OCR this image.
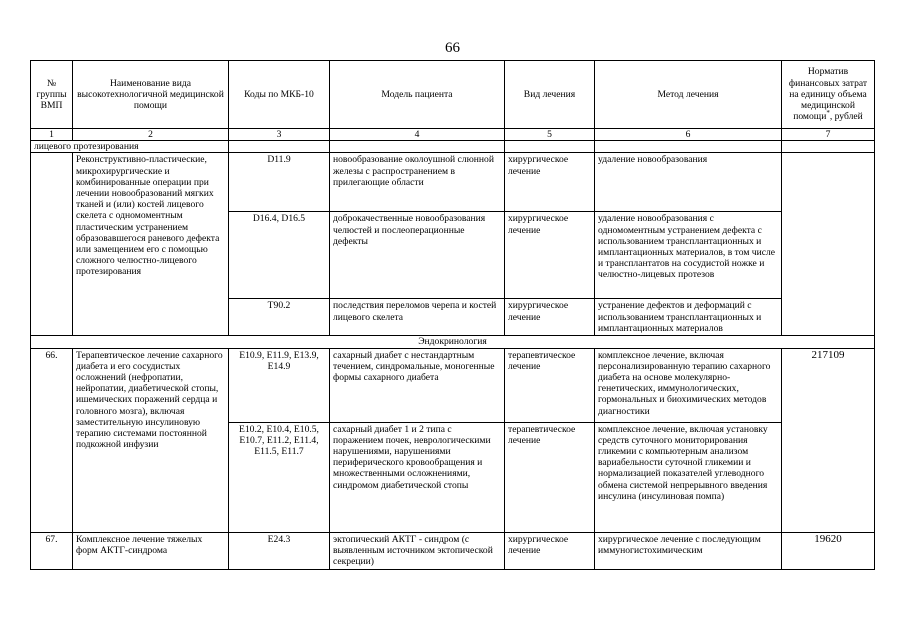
66
№ группы ВМП	Наименование вида высокотехнологичной медицинской помощи	Коды по МКБ-10	Модель пациента	Вид лечения	Метод лечения	Норматив финансовых затрат на единицу объема медицинской помощи*, рублей
1	2	3	4	5	6	7
лицевого протезирования						
	Реконструктивно-пластические, микрохирургические и комбинированные операции при лечении новообразований мягких тканей и (или) костей лицевого скелета с одномоментным пластическим устранением образовавшегося раневого дефекта или замещением его с помощью сложного челюстно-лицевого протезирования	D11.9	новообразование околоушной слюнной железы с распространением в прилегающие области	хирургическое лечение	удаление новообразования	
		D16.4, D16.5	доброкачественные новообразования челюстей и послеоперационные дефекты	хирургическое лечение	удаление новообразования с одномоментным устранением дефекта с использованием трансплантационных и имплантационных материалов, в том числе и трансплантатов на сосудистой ножке и челюстно-лицевых протезов	
		T90.2	последствия переломов черепа и костей лицевого скелета	хирургическое лечение	устранение дефектов и деформаций с использованием трансплантационных и имплантационных материалов	
Эндокринология						
66.	Терапевтическое лечение сахарного диабета и его сосудистых осложнений (нефропатии, нейропатии, диабетической стопы, ишемических поражений сердца и головного мозга), включая заместительную инсулиновую терапию системами постоянной подкожной инфузии	E10.9, E11.9, E13.9, E14.9	сахарный диабет с нестандартным течением, синдромальные, моногенные формы сахарного диабета	терапевтическое лечение	комплексное лечение, включая персонализированную терапию сахарного диабета на основе молекулярно-генетических, иммунологических, гормональных и биохимических методов диагностики	217109
		E10.2, E10.4, E10.5, E10.7, E11.2, E11.4, E11.5, E11.7	сахарный диабет 1 и 2 типа с поражением почек, неврологическими нарушениями, нарушениями периферического кровообращения и множественными осложнениями, синдромом диабетической стопы	терапевтическое лечение	комплексное лечение, включая установку средств суточного мониторирования гликемии с компьютерным анализом вариабельности суточной гликемии и нормализацией показателей углеводного обмена системой непрерывного введения инсулина (инсулиновая помпа)	
67.	Комплексное лечение тяжелых форм АКТГ-синдрома	E24.3	эктопический АКТГ - синдром (с выявленным источником эктопической секреции)	хирургическое лечение	хирургическое лечение с последующим иммуногистохимическим	19620
